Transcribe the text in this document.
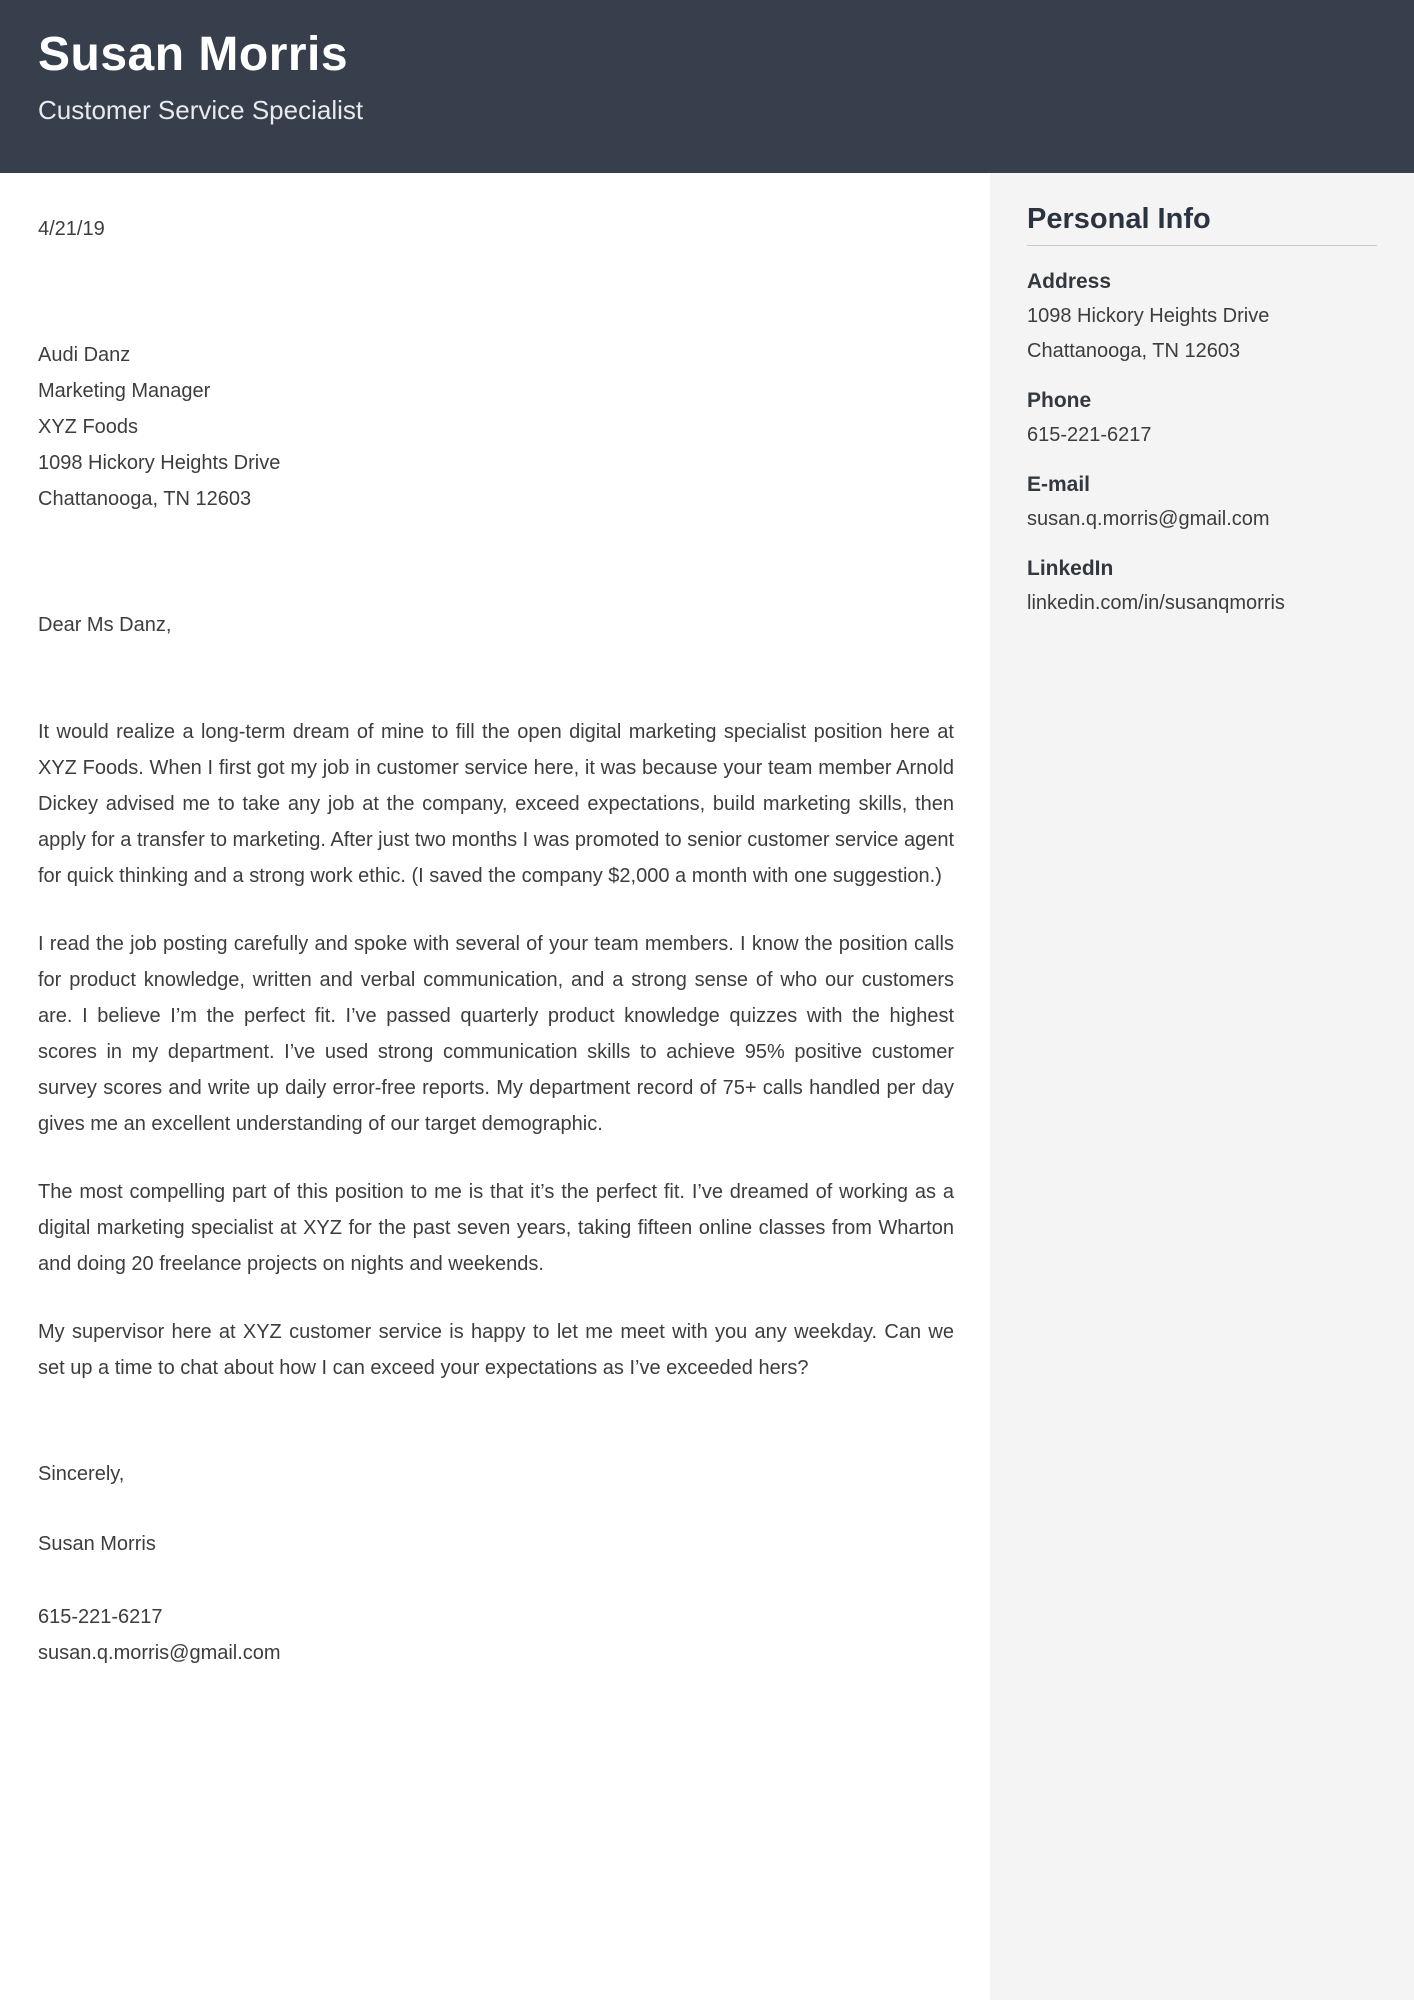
Susan Morris
Customer Service Specialist
Personal Info
Address
1098 Hickory Heights Drive
Chattanooga, TN 12603
Phone
615-221-6217
E-mail
susan.q.morris@gmail.com
LinkedIn
linkedin.com/in/susanqmorris
4/21/19
Audi Danz
Marketing Manager
XYZ Foods
1098 Hickory Heights Drive
Chattanooga, TN 12603
Dear Ms Danz,

It would realize a long-term dream of mine to fill the open digital marketing specialist position here at XYZ Foods. When I first got my job in customer service here, it was because your team member Arnold Dickey advised me to take any job at the company, exceed expectations, build marketing skills, then apply for a transfer to marketing. After just two months I was promoted to senior customer service agent for quick thinking and a strong work ethic. (I saved the company $2,000 a month with one suggestion.)

I read the job posting carefully and spoke with several of your team members. I know the position calls for product knowledge, written and verbal communication, and a strong sense of who our customers are. I believe I’m the perfect fit. I’ve passed quarterly product knowledge quizzes with the highest scores in my department. I’ve used strong communication skills to achieve 95% positive customer survey scores and write up daily error-free reports. My department record of 75+ calls handled per day gives me an excellent understanding of our target demographic.

The most compelling part of this position to me is that it’s the perfect fit. I’ve dreamed of working as a digital marketing specialist at XYZ for the past seven years, taking fifteen online classes from Wharton and doing 20 freelance projects on nights and weekends.

My supervisor here at XYZ customer service is happy to let me meet with you any weekday. Can we set up a time to chat about how I can exceed your expectations as I’ve exceeded hers?

Sincerely,
Susan Morris
615-221-6217
susan.q.morris@gmail.com
